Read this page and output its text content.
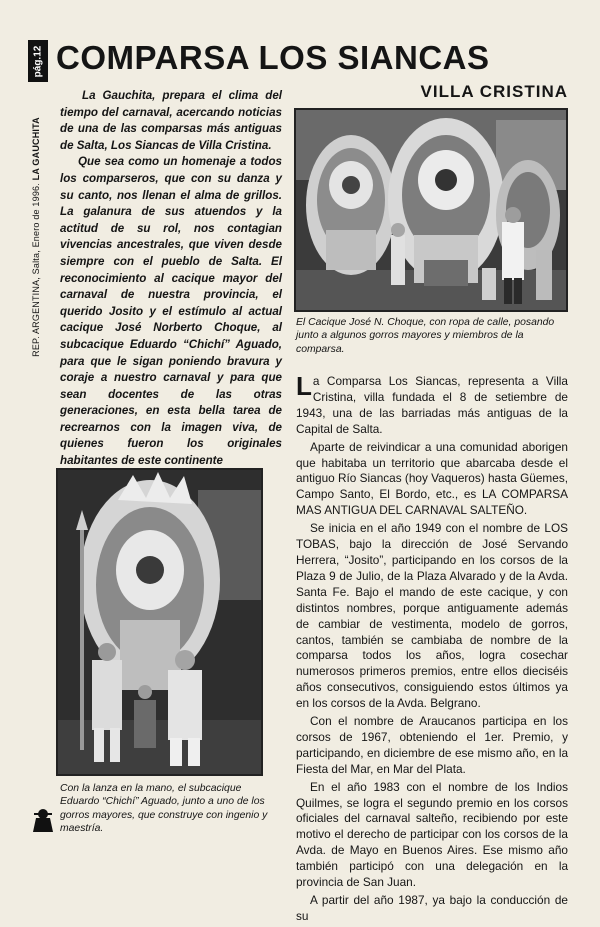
pág.12
REP. ARGENTINA, Salta, Enero de 1996. LA GAUCHITA
COMPARSA LOS SIANCAS
VILLA CRISTINA

La Gauchita, prepara el clima del tiempo del carnaval, acercando noticias de una de las comparsas más antiguas de Salta, Los Siancas de Villa Cristina.

Que sea como un homenaje a todos los comparseros, que con su danza y su canto, nos llenan el alma de grillos. La galanura de sus atuendos y la actitud de su rol, nos contagian vivencias ancestrales, que viven desde siempre con el pueblo de Salta. El reconocimiento al cacique mayor del carnaval de nuestra provincia, el querido Josito y el estímulo al actual cacique José Norberto Choque, al subcacique Eduardo “Chichí” Aguado, para que le sigan poniendo bravura y coraje a nuestro carnaval y para que sean docentes de las otras generaciones, en esta bella tarea de recrearnos con la imagen viva, de quienes fueron los originales habitantes de este continente

El Cacique José N. Choque, con ropa de calle, posando junto a algunos gorros mayores y miembros de la comparsa.
Con la lanza en la mano, el subcacique Eduardo “Chichí” Aguado, junto a uno de los gorros mayores, que construye con ingenio y maestría.

La Comparsa Los Siancas, representa a Villa Cristina, villa fundada el 8 de setiembre de 1943, una de las barriadas más antiguas de la Capital de Salta.

Aparte de reivindicar a una comunidad aborigen que habitaba un territorio que abarcaba desde el antiguo Río Siancas (hoy Vaqueros) hasta Güemes, Campo Santo, El Bordo, etc., es LA COMPARSA MAS ANTIGUA DEL CARNAVAL SALTEÑO.

Se inicia en el año 1949 con el nombre de LOS TOBAS, bajo la dirección de José Servando Herrera, “Josito”, participando en los corsos de la Plaza 9 de Julio, de la Plaza Alvarado y de la Avda. Santa Fe. Bajo el mando de este cacique, y con distintos nombres, porque antiguamente además de cambiar de vestimenta, modelo de gorros, cantos, también se cambiaba de nombre de la comparsa todos los años, logra cosechar numerosos primeros premios, entre ellos dieciséis años consecutivos, consiguiendo estos últimos ya en los corsos de la Avda. Belgrano.

Con el nombre de Araucanos participa en los corsos de 1967, obteniendo el 1er. Premio, y participando, en diciembre de ese mismo año, en la Fiesta del Mar, en Mar del Plata.

En el año 1983 con el nombre de los Indios Quilmes, se logra el segundo premio en los corsos oficiales del carnaval salteño, recibiendo por este motivo el derecho de participar con los corsos de la Avda. de Mayo en Buenos Aires. Ese mismo año también participó con una delegación en la provincia de San Juan.

A partir del año 1987, ya bajo la conducción de su
